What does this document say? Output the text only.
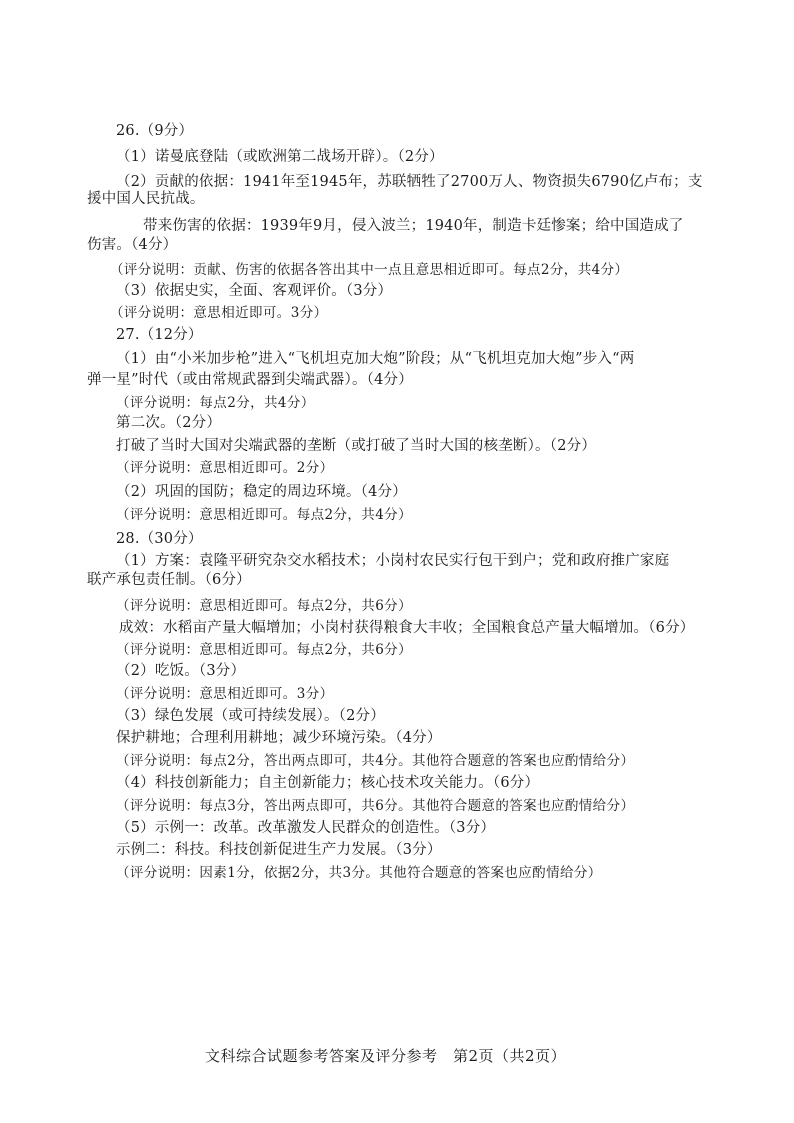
26.（9分）
（1）诺曼底登陆（或欧洲第二战场开辟）。（2分）
（2）贡献的依据：1941年至1945年，苏联牺牲了2700万人、物资损失6790亿卢布；支
援中国人民抗战。
带来伤害的依据：1939年9月，侵入波兰；1940年，制造卡廷惨案；给中国造成了
伤害。（4分）
（评分说明：贡献、伤害的依据各答出其中一点且意思相近即可。每点2分，共4分）
（3）依据史实，全面、客观评价。（3分）
（评分说明：意思相近即可。3分）
27.（12分）
（1）由“小米加步枪”进入“飞机坦克加大炮”阶段；从“飞机坦克加大炮”步入“两
弹一星”时代（或由常规武器到尖端武器）。（4分）
（评分说明：每点2分，共4分）
第二次。（2分）
打破了当时大国对尖端武器的垄断（或打破了当时大国的核垄断）。（2分）
（评分说明：意思相近即可。2分）
（2）巩固的国防；稳定的周边环境。（4分）
（评分说明：意思相近即可。每点2分，共4分）
28.（30分）
（1）方案：袁隆平研究杂交水稻技术；小岗村农民实行包干到户；党和政府推广家庭
联产承包责任制。（6分）
（评分说明：意思相近即可。每点2分，共6分）
成效：水稻亩产量大幅增加；小岗村获得粮食大丰收；全国粮食总产量大幅增加。（6分）
（评分说明：意思相近即可。每点2分，共6分）
（2）吃饭。（3分）
（评分说明：意思相近即可。3分）
（3）绿色发展（或可持续发展）。（2分）
保护耕地；合理利用耕地；减少环境污染。（4分）
（评分说明：每点2分，答出两点即可，共4分。其他符合题意的答案也应酌情给分）
（4）科技创新能力；自主创新能力；核心技术攻关能力。（6分）
（评分说明：每点3分，答出两点即可，共6分。其他符合题意的答案也应酌情给分）
（5）示例一：改革。改革激发人民群众的创造性。（3分）
示例二：科技。科技创新促进生产力发展。（3分）
（评分说明：因素1分，依据2分，共3分。其他符合题意的答案也应酌情给分）
文科综合试题参考答案及评分参考　第2页（共2页）
